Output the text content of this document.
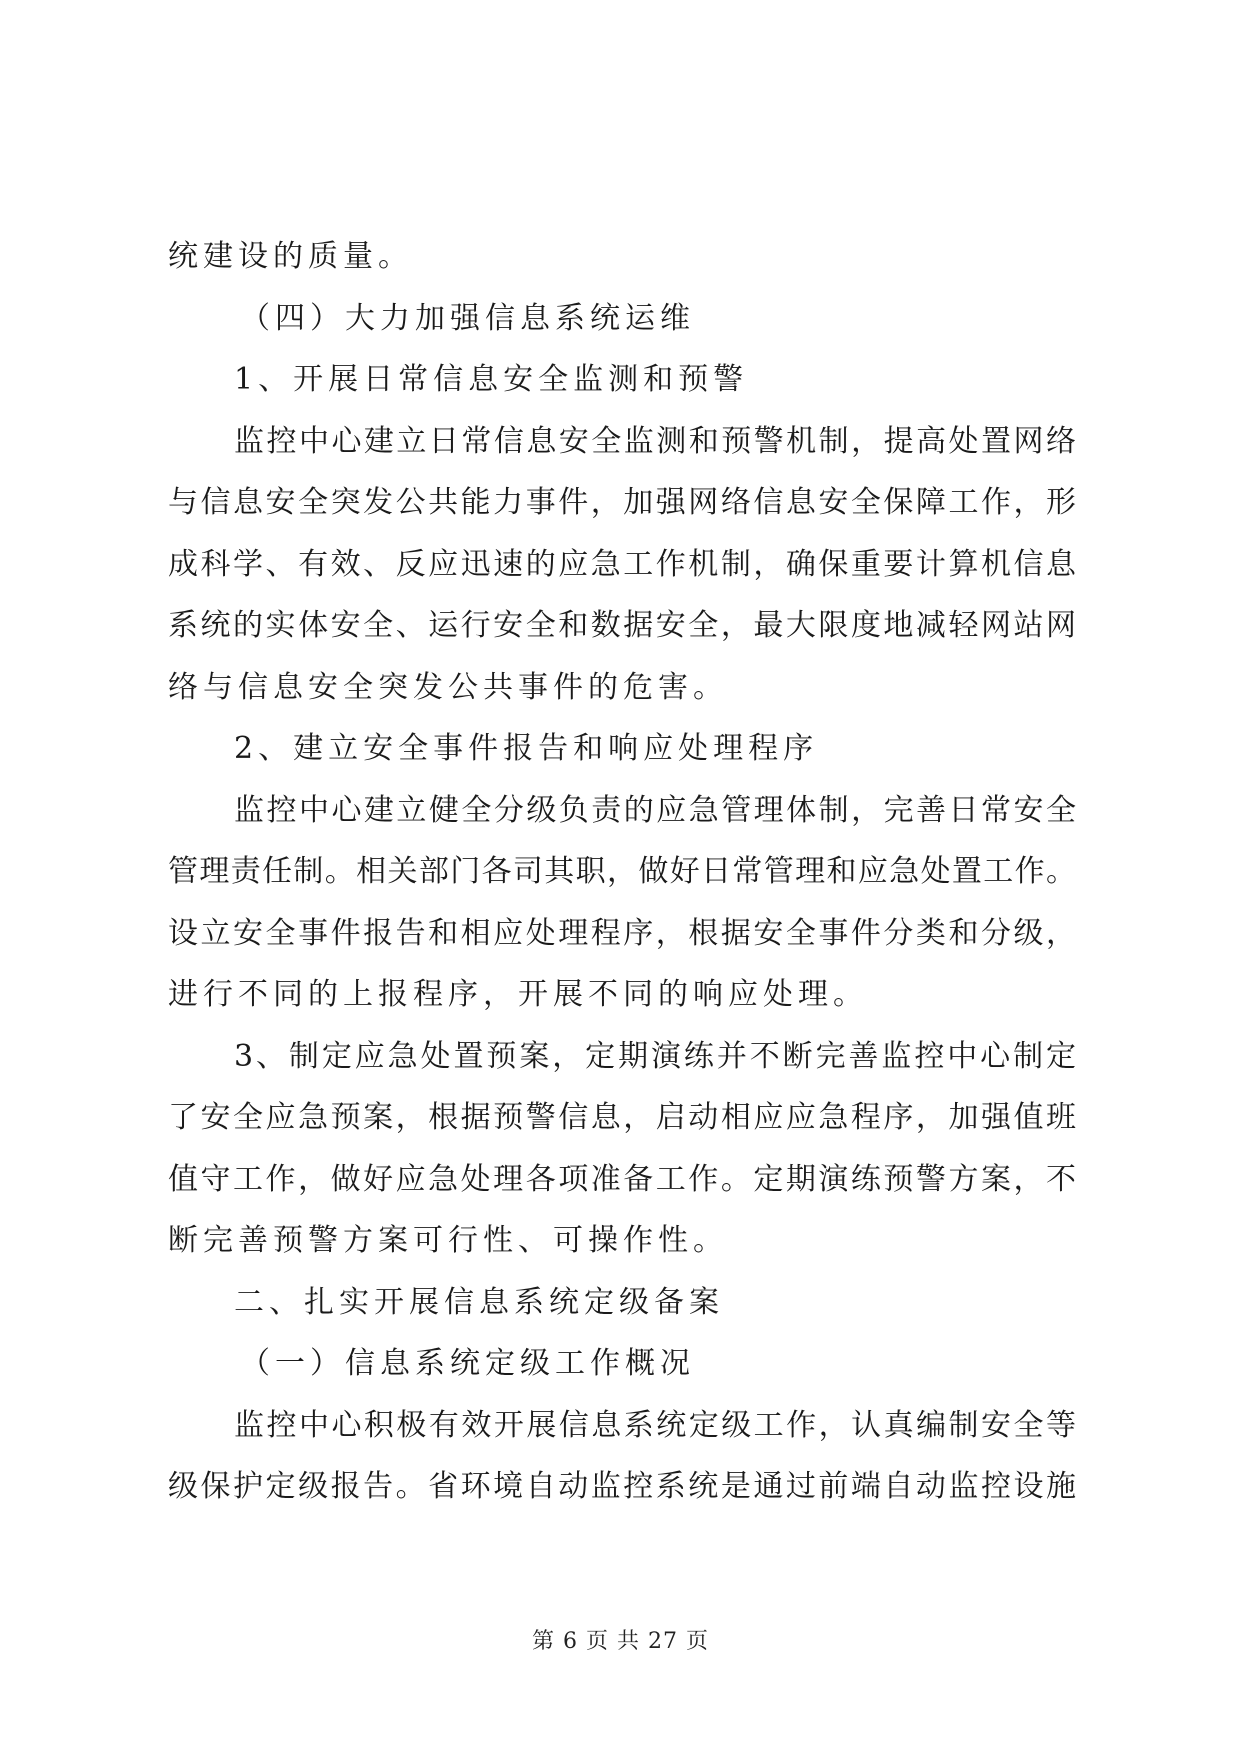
统建设的质量。
（四）大力加强信息系统运维
1、开展日常信息安全监测和预警
监控中心建立日常信息安全监测和预警机制，提高处置网络
与信息安全突发公共能力事件，加强网络信息安全保障工作，形
成科学、有效、反应迅速的应急工作机制，确保重要计算机信息
系统的实体安全、运行安全和数据安全，最大限度地减轻网站网
络与信息安全突发公共事件的危害。
2、建立安全事件报告和响应处理程序
监控中心建立健全分级负责的应急管理体制，完善日常安全
管理责任制。相关部门各司其职，做好日常管理和应急处置工作。
设立安全事件报告和相应处理程序，根据安全事件分类和分级，
进行不同的上报程序，开展不同的响应处理。
3、制定应急处置预案，定期演练并不断完善监控中心制定
了安全应急预案，根据预警信息，启动相应应急程序，加强值班
值守工作，做好应急处理各项准备工作。定期演练预警方案，不
断完善预警方案可行性、可操作性。
二、扎实开展信息系统定级备案
（一）信息系统定级工作概况
监控中心积极有效开展信息系统定级工作，认真编制安全等
级保护定级报告。省环境自动监控系统是通过前端自动监控设施
第 6 页 共 27 页
